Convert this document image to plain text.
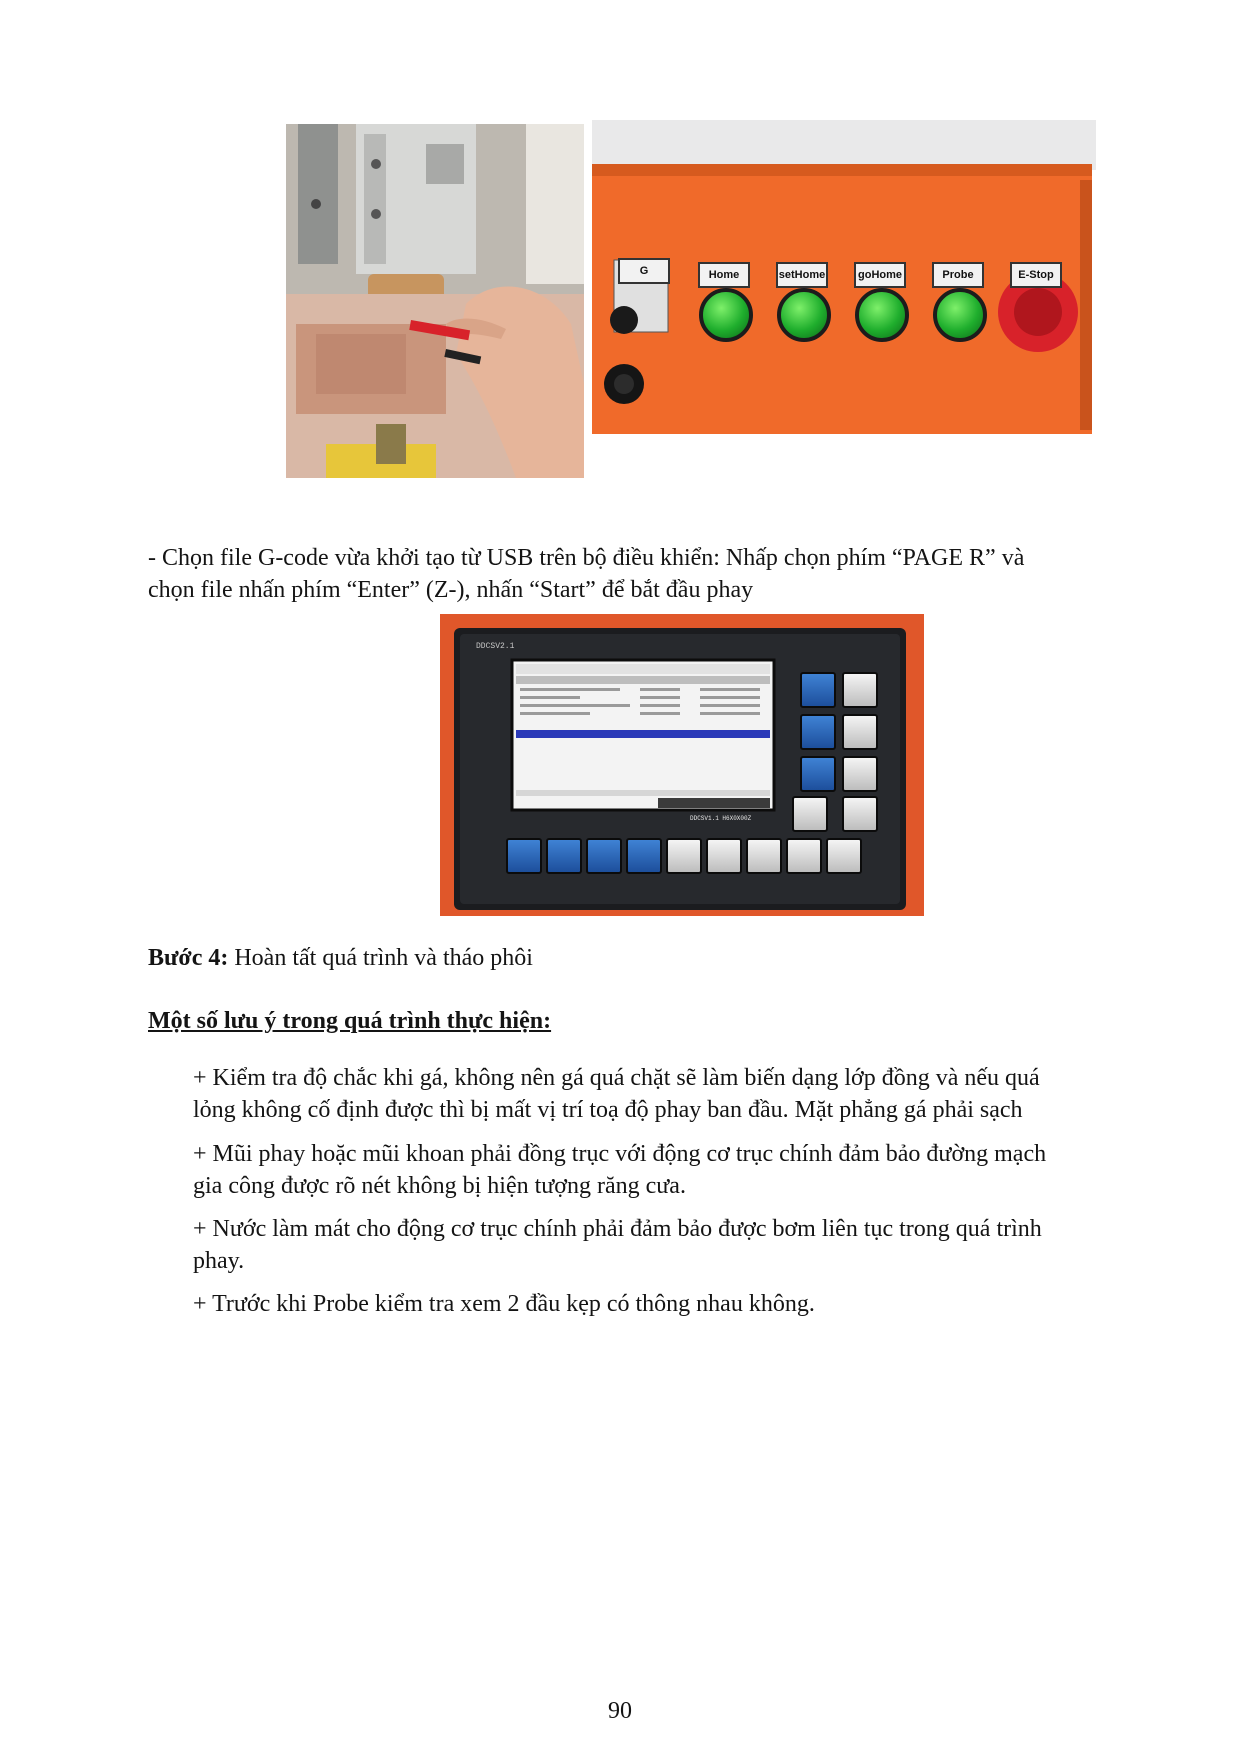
G	Home	setHome	goHome	Probe	E-Stop
- Chọn file G-code vừa khởi tạo từ USB trên bộ điều khiển: Nhấp chọn phím “PAGE R” và
chọn file nhấn phím “Enter” (Z-), nhấn “Start” để bắt đầu phay
DDCSV2.1
DDCSV1.1 H6X0X00Z
Bước 4: Hoàn tất quá trình và tháo phôi
Một số lưu ý trong quá trình thực hiện:
+ Kiểm tra độ chắc khi gá, không nên gá quá chặt sẽ làm biến dạng lớp đồng và nếu quá
lỏng không cố định được thì bị mất vị trí toạ độ phay ban đầu. Mặt phẳng gá phải sạch
+ Mũi phay hoặc mũi khoan phải đồng trục với động cơ trục chính đảm bảo đường mạch
gia công được rõ nét không bị hiện tượng răng cưa.
+ Nước làm mát cho động cơ trục chính phải đảm bảo được bơm liên tục trong quá trình
phay.
+ Trước khi Probe kiểm tra xem 2 đầu kẹp có thông nhau không.
90
